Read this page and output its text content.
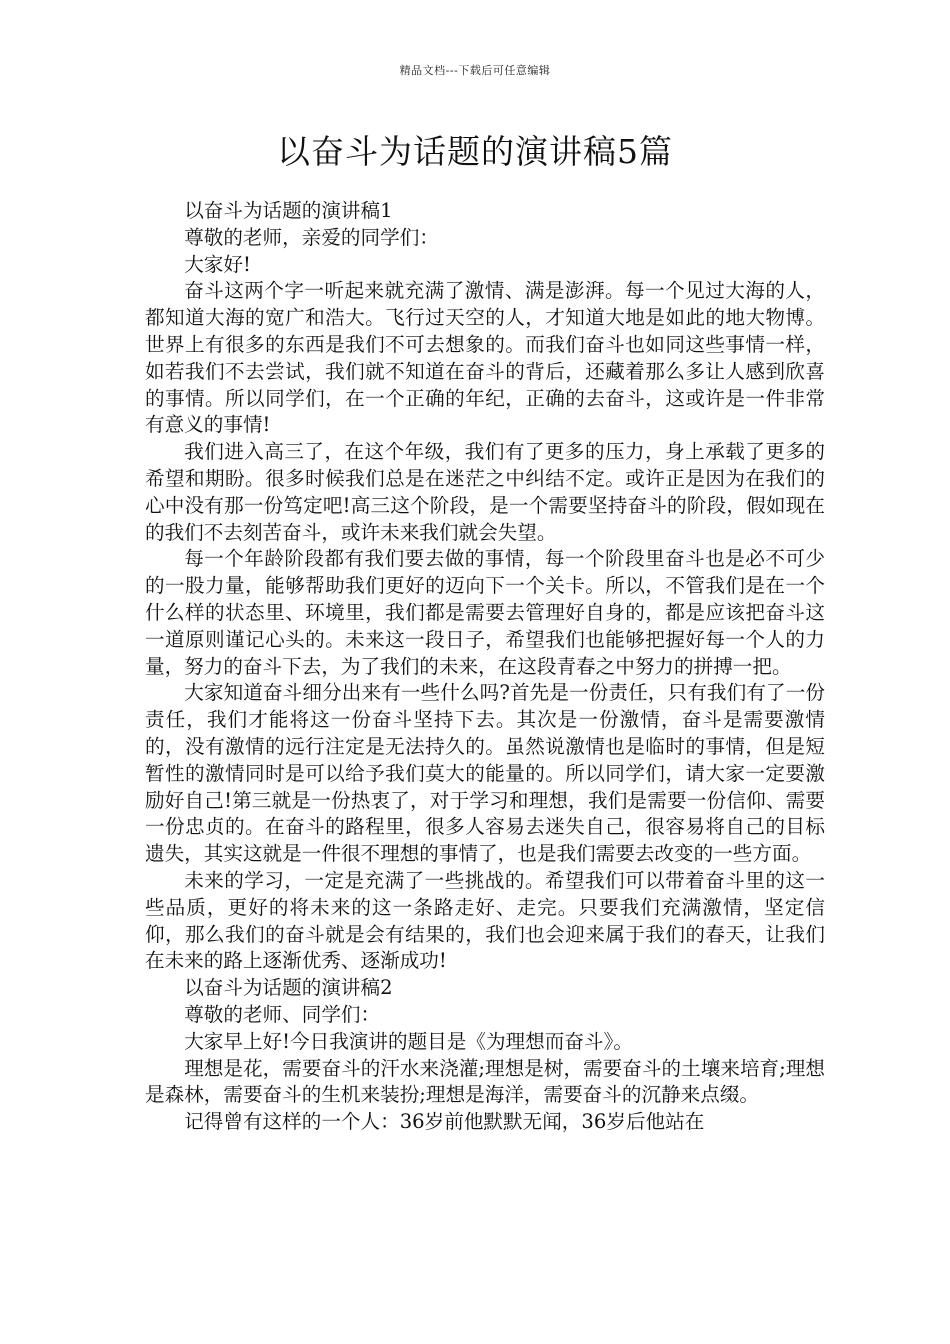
精品文档---下载后可任意编辑
以奋斗为话题的演讲稿5篇

以奋斗为话题的演讲稿1

尊敬的老师，亲爱的同学们：

大家好!

奋斗这两个字一听起来就充满了激情、满是澎湃。每一个见过大海的人，都知道大海的宽广和浩大。飞行过天空的人，才知道大地是如此的地大物博。世界上有很多的东西是我们不可去想象的。而我们奋斗也如同这些事情一样，如若我们不去尝试，我们就不知道在奋斗的背后，还藏着那么多让人感到欣喜的事情。所以同学们，在一个正确的年纪，正确的去奋斗，这或许是一件非常有意义的事情!

我们进入高三了，在这个年级，我们有了更多的压力，身上承载了更多的希望和期盼。很多时候我们总是在迷茫之中纠结不定。或许正是因为在我们的心中没有那一份笃定吧!高三这个阶段，是一个需要坚持奋斗的阶段，假如现在的我们不去刻苦奋斗，或许未来我们就会失望。

每一个年龄阶段都有我们要去做的事情，每一个阶段里奋斗也是必不可少的一股力量，能够帮助我们更好的迈向下一个关卡。所以，不管我们是在一个什么样的状态里、环境里，我们都是需要去管理好自身的，都是应该把奋斗这一道原则谨记心头的。未来这一段日子，希望我们也能够把握好每一个人的力量，努力的奋斗下去，为了我们的未来，在这段青春之中努力的拼搏一把。

大家知道奋斗细分出来有一些什么吗?首先是一份责任，只有我们有了一份责任，我们才能将这一份奋斗坚持下去。其次是一份激情，奋斗是需要激情的，没有激情的远行注定是无法持久的。虽然说激情也是临时的事情，但是短暂性的激情同时是可以给予我们莫大的能量的。所以同学们，请大家一定要激励好自己!第三就是一份热衷了，对于学习和理想，我们是需要一份信仰、需要一份忠贞的。在奋斗的路程里，很多人容易去迷失自己，很容易将自己的目标遗失，其实这就是一件很不理想的事情了，也是我们需要去改变的一些方面。

未来的学习，一定是充满了一些挑战的。希望我们可以带着奋斗里的这一些品质，更好的将未来的这一条路走好、走完。只要我们充满激情，坚定信仰，那么我们的奋斗就是会有结果的，我们也会迎来属于我们的春天，让我们在未来的路上逐渐优秀、逐渐成功!

以奋斗为话题的演讲稿2

尊敬的老师、同学们：

大家早上好!今日我演讲的题目是《为理想而奋斗》。

理想是花，需要奋斗的汗水来浇灌;理想是树，需要奋斗的土壤来培育;理想是森林，需要奋斗的生机来装扮;理想是海洋，需要奋斗的沉静来点缀。

记得曾有这样的一个人：36岁前他默默无闻，36岁后他站在
